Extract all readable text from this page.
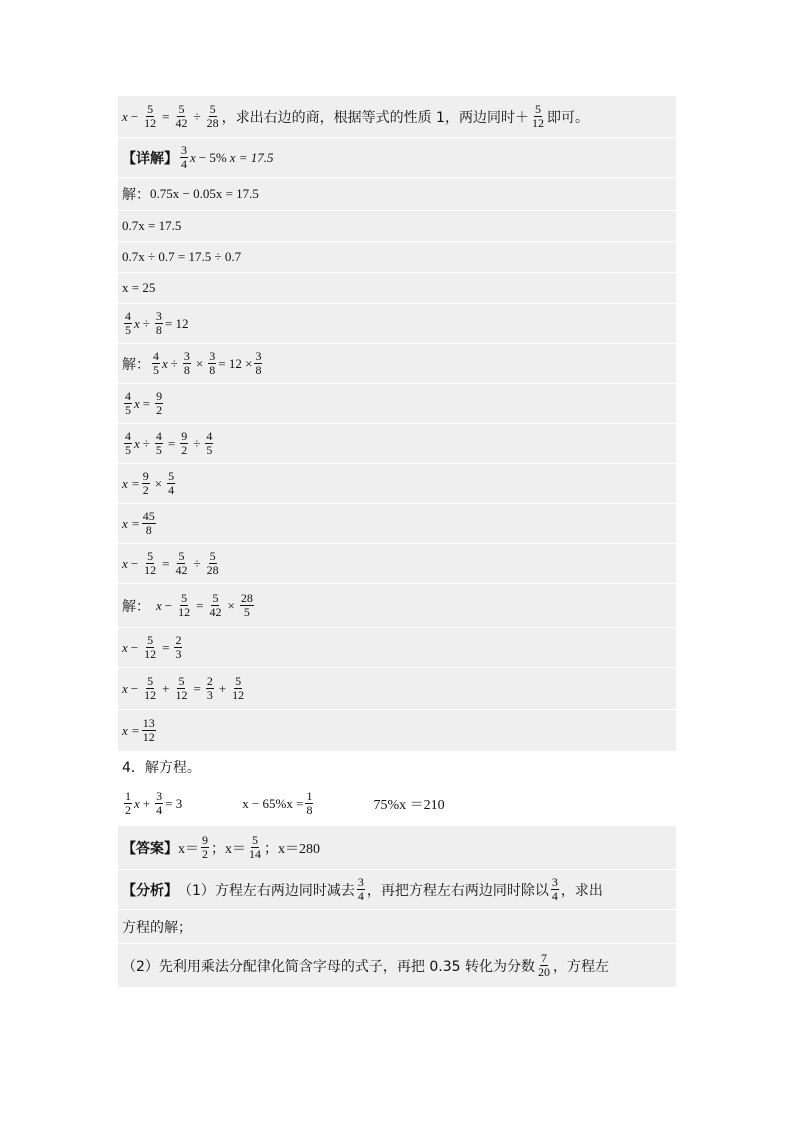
$x - \frac{5}{12} = \frac{5}{42} \div \frac{5}{28}$ ，求出右边的商，根据等式的性质 1，两边同时＋ $\frac{5}{12}$ 即可。
【详解】 $\frac{3}{4}$ x − 5% x = 17.5
解： 0.75x − 0.05x = 17.5
0.7x = 17.5
0.7x ÷ 0.7 = 17.5 ÷ 0.7
x = 25
$\frac{4}{5}$ $x \div \frac{3}{8} = 12$
解： $\frac{4}{5}$ $x \div \frac{3}{8} \times \frac{3}{8} = 12 \times \frac{3}{8}$
$\frac{4}{5}$ $x = \frac{9}{2}$
$\frac{4}{5}$ $x \div \frac{4}{5} = \frac{9}{2} \div \frac{4}{5}$
$x = \frac{9}{2} \times \frac{5}{4}$
$x = \frac{45}{8}$
$x - \frac{5}{12} = \frac{5}{42} \div \frac{5}{28}$
解： $x - \frac{5}{12} = \frac{5}{42} \times \frac{28}{5}$
$x - \frac{5}{12} = \frac{2}{3}$
$x - \frac{5}{12} + \frac{5}{12} = \frac{2}{3} + \frac{5}{12}$
$x = \frac{13}{12}$
4．解方程。
$\frac{1}{2}$ $x + \frac{3}{4} = 3$	$x - 65\%x = \frac{1}{8}$	75%x ＝210
【答案】 $x= \frac{9}{2}$ ； $x= \frac{5}{14}$ ； x＝280
【分析】 （1）方程左右两边同时减去 $\frac{3}{4}$ ，再把方程左右两边同时除以 $\frac{3}{4}$ ，求出
方程的解；
（2）先利用乘法分配律化简含字母的式子，再把 0.35 转化为分数 $\frac{7}{20}$ ，方程左
